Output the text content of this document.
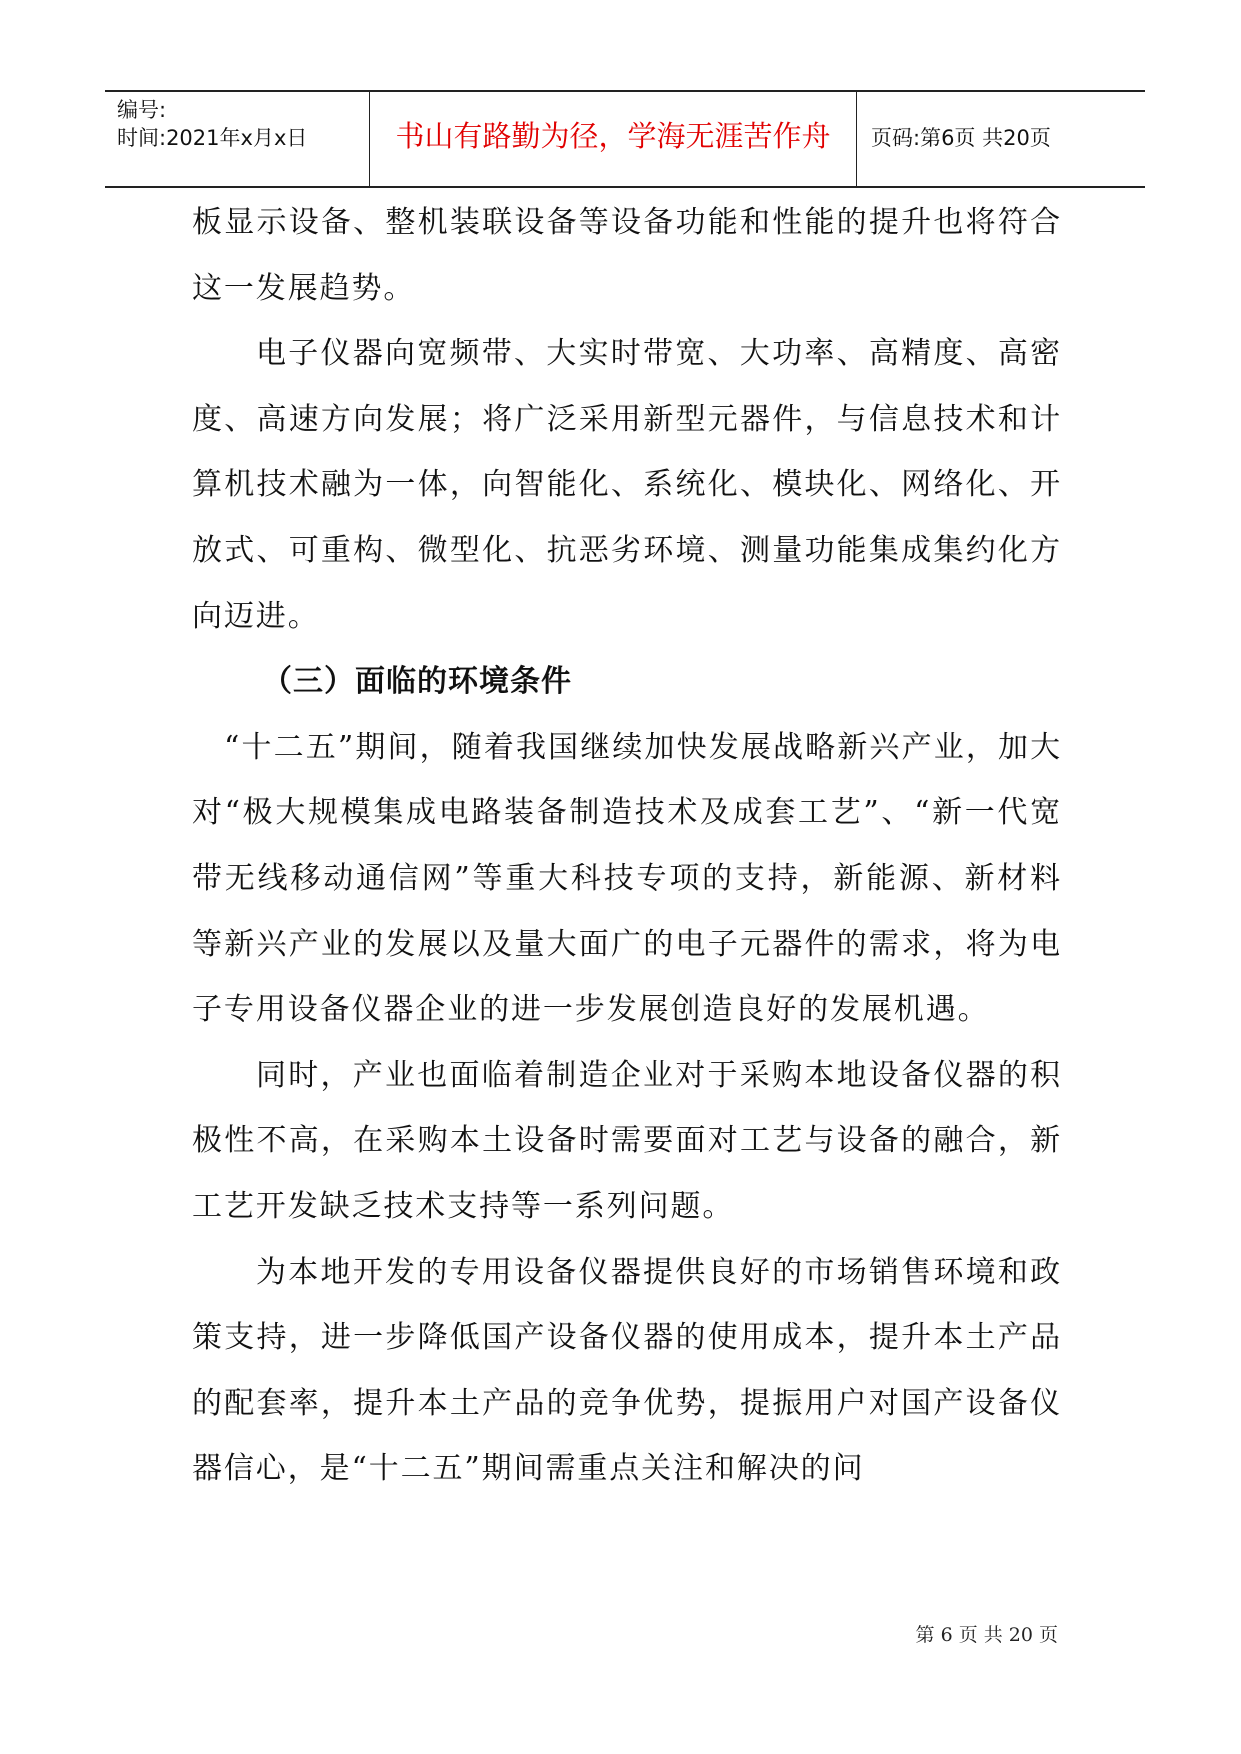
编号:
时间:2021年x月x日	书山有路勤为径，学海无涯苦作舟	页码:第6页 共20页

板显示设备、整机装联设备等设备功能和性能的提升也将符合这一发展趋势。

电子仪器向宽频带、大实时带宽、大功率、高精度、高密度、高速方向发展；将广泛采用新型元器件，与信息技术和计算机技术融为一体，向智能化、系统化、模块化、网络化、开放式、可重构、微型化、抗恶劣环境、测量功能集成集约化方向迈进。

（三）面临的环境条件

“十二五”期间，随着我国继续加快发展战略新兴产业，加大对“极大规模集成电路装备制造技术及成套工艺”、“新一代宽带无线移动通信网”等重大科技专项的支持，新能源、新材料等新兴产业的发展以及量大面广的电子元器件的需求，将为电子专用设备仪器企业的进一步发展创造良好的发展机遇。

同时，产业也面临着制造企业对于采购本地设备仪器的积极性不高，在采购本土设备时需要面对工艺与设备的融合，新工艺开发缺乏技术支持等一系列问题。

为本地开发的专用设备仪器提供良好的市场销售环境和政策支持，进一步降低国产设备仪器的使用成本，提升本土产品的配套率，提升本土产品的竞争优势，提振用户对国产设备仪器信心，是“十二五”期间需重点关注和解决的问

第 6 页 共 20 页
